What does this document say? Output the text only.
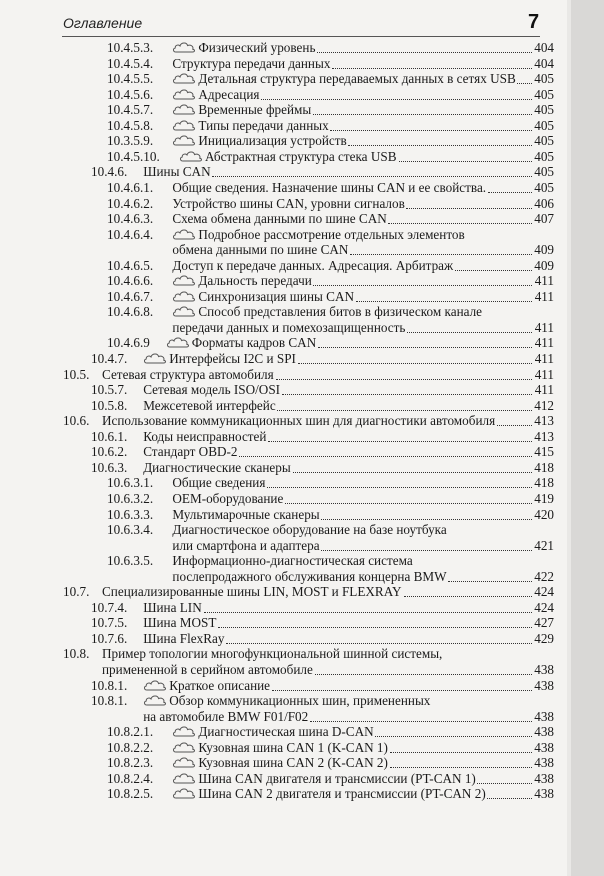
Оглавление	7
10.4.5.3.	Физический уровень	404
10.4.5.4. Структура передачи данных	404
10.4.5.5.	Детальная структура передаваемых данных в сетях USB 405
10.4.5.6.	Адресация	405
10.4.5.7.	Временные фреймы	405
10.4.5.8.	Типы передачи данных	405
10.3.5.9.	Инициализация устройств	405
10.4.5.10.	Абстрактная структура стека USB	405
10.4.6. Шины CAN	405
10.4.6.1. Общие сведения. Назначение шины CAN и ее свойства.	405
10.4.6.2. Устройство шины CAN, уровни сигналов	406
10.4.6.3. Схема обмена данными по шине CAN	407
10.4.6.4.	Подробное рассмотрение отдельных элементов
обмена данными по шине CAN	409
10.4.6.5. Доступ к передаче данных. Адресация. Арбитраж	409
10.4.6.6.	Дальность передачи	411
10.4.6.7.	Синхронизация шины CAN	411
10.4.6.8.	Способ представления битов в физическом канале
передачи данных и помехозащищенность	411
10.4.6.9	Форматы кадров CAN	411
10.4.7.	Интерфейсы I2C и SPI	411
10.5. Сетевая структура автомобиля	411
10.5.7. Сетевая модель ISO/OSI	411
10.5.8. Межсетевой интерфейс	412
10.6. Использование коммуникационных шин для диагностики автомобиля	413
10.6.1. Коды неисправностей	413
10.6.2. Стандарт OBD-2	415
10.6.3. Диагностические сканеры	418
10.6.3.1. Общие сведения	418
10.6.3.2. OEM-оборудование	419
10.6.3.3. Мультимарочные сканеры	420
10.6.3.4. Диагностическое оборудование на базе ноутбука
или смартфона и адаптера	421
10.6.3.5. Информационно-диагностическая система
послепродажного обслуживания концерна BMW	422
10.7. Специализированные шины LIN, MOST и FLEXRAY	424
10.7.4. Шина LIN	424
10.7.5. Шина MOST	427
10.7.6. Шина FlexRay	429
10.8. Пример топологии многофункциональной шинной системы,
примененной в серийном автомобиле	438
10.8.1.	Краткое описание	438
10.8.1.	Обзор коммуникационных шин, примененных
на автомобиле BMW F01/F02	438
10.8.2.1.	Диагностическая шина D-CAN	438
10.8.2.2.	Кузовная шина CAN 1 (K-CAN 1)	438
10.8.2.3.	Кузовная шина CAN 2 (K-CAN 2)	438
10.8.2.4.	Шина CAN двигателя и трансмиссии (PT-CAN 1)	438
10.8.2.5.	Шина CAN 2 двигателя и трансмиссии (PT-CAN 2)	438
